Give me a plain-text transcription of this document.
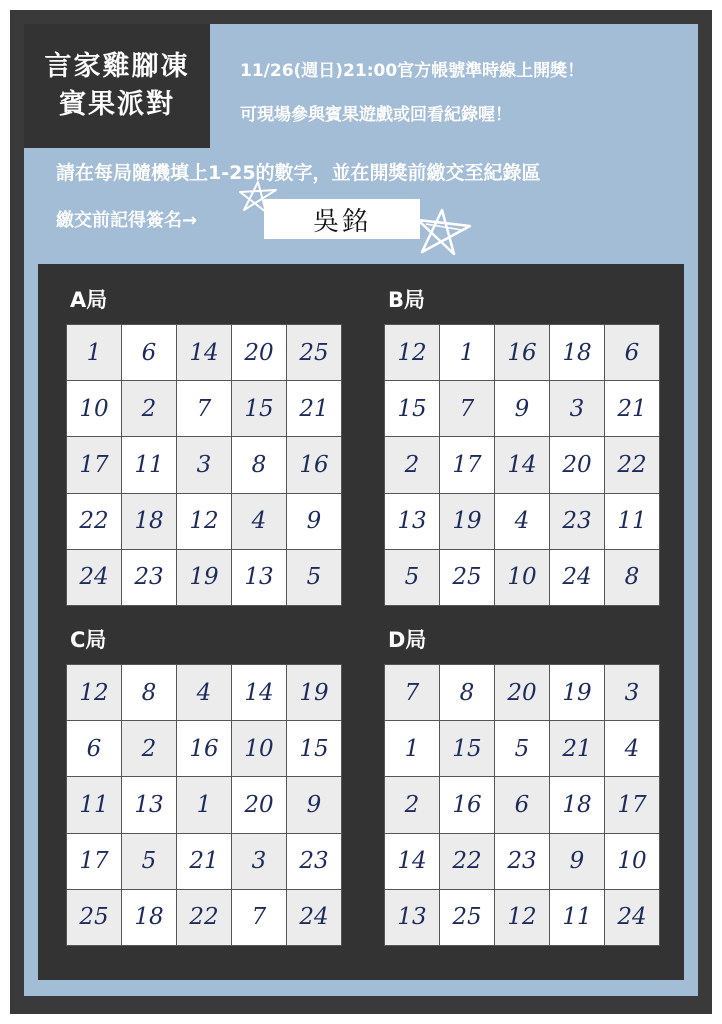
言家雞腳凍
賓果派對
11/26(週日)21:00官方帳號準時線上開獎！
可現場參與賓果遊戲或回看紀錄喔！
請在每局隨機填上1-25的數字，並在開獎前繳交至紀錄區
繳交前記得簽名→	吳銘
A局	B局
C局	D局
1	6	14	20	25
10	2	7	15	21
17	11	3	8	16
22	18	12	4	9
24	23	19	13	5
12	1	16	18	6
15	7	9	3	21
2	17	14	20	22
13	19	4	23	11
5	25	10	24	8
12	8	4	14	19
6	2	16	10	15
11	13	1	20	9
17	5	21	3	23
25	18	22	7	24
7	8	20	19	3
1	15	5	21	4
2	16	6	18	17
14	22	23	9	10
13	25	12	11	24
